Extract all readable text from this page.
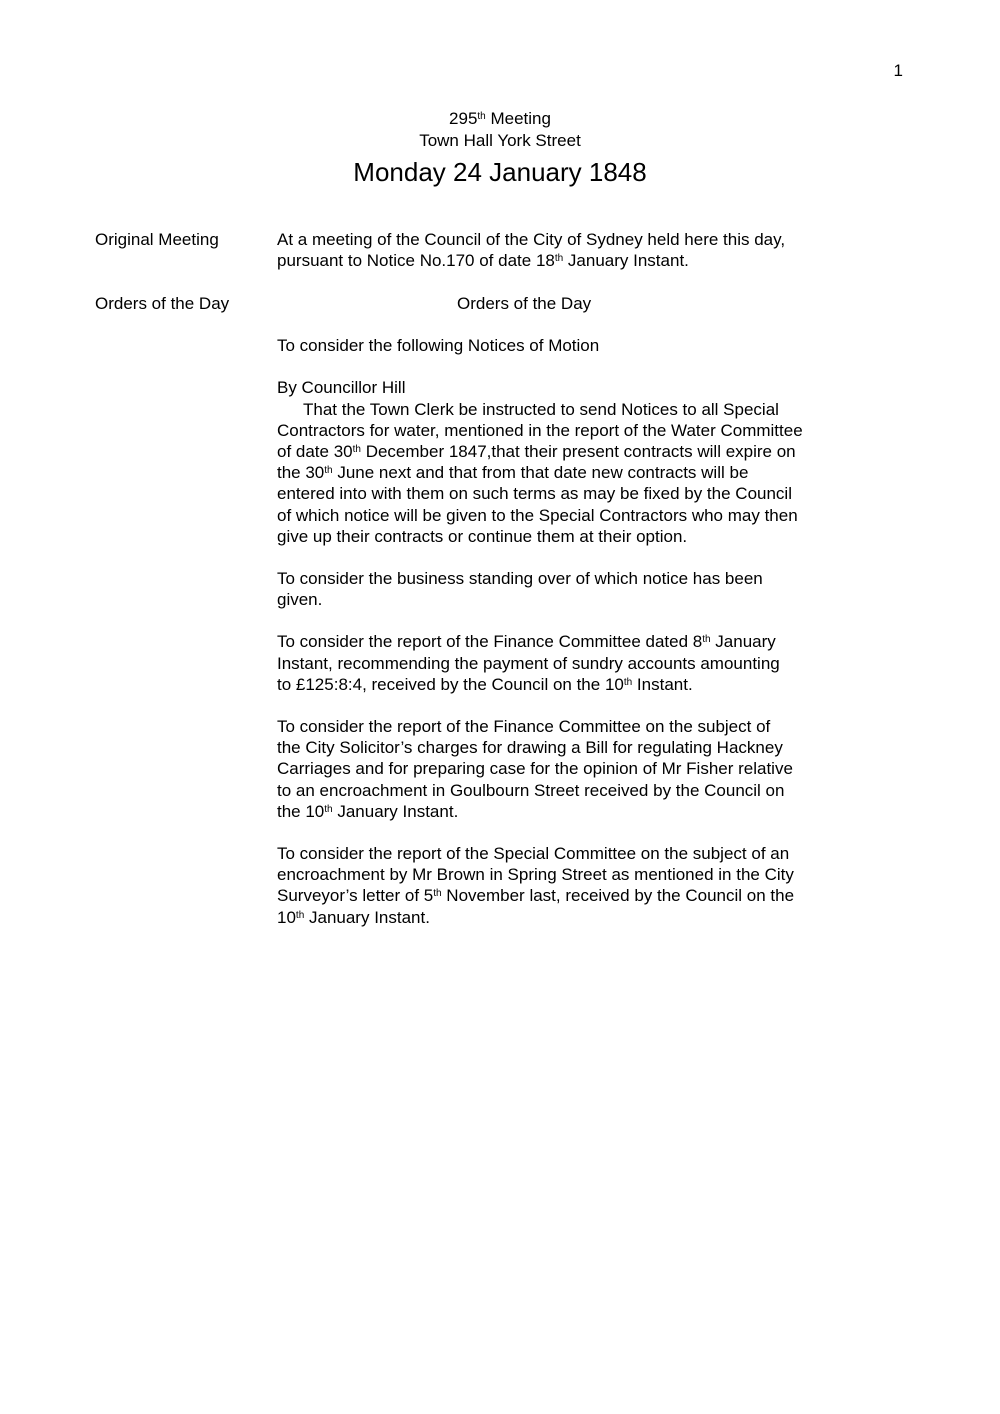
1
295th Meeting
Town Hall York Street
Monday 24 January 1848
Original Meeting	At a meeting of the Council of the City of Sydney held here this day,
pursuant to Notice No.170 of date 18th January Instant.
Orders of the Day	Orders of the Day
To consider the following Notices of Motion
By Councillor Hill
That the Town Clerk be instructed to send Notices to all Special
Contractors for water, mentioned in the report of the Water Committee
of date 30th December 1847,that their present contracts will expire on
the 30th June next and that from that date new contracts will be
entered into with them on such terms as may be fixed by the Council
of which notice will be given to the Special Contractors who may then
give up their contracts or continue them at their option.
To consider the business standing over of which notice has been
given.
To consider the report of the Finance Committee dated 8th January
Instant, recommending the payment of sundry accounts amounting
to £125:8:4, received by the Council on the 10th Instant.
To consider the report of the Finance Committee on the subject of
the City Solicitor’s charges for drawing a Bill for regulating Hackney
Carriages and for preparing case for the opinion of Mr Fisher relative
to an encroachment in Goulbourn Street received by the Council on
the 10th January Instant.
To consider the report of the Special Committee on the subject of an
encroachment by Mr Brown in Spring Street as mentioned in the City
Surveyor’s letter of 5th November last, received by the Council on the
10th January Instant.
